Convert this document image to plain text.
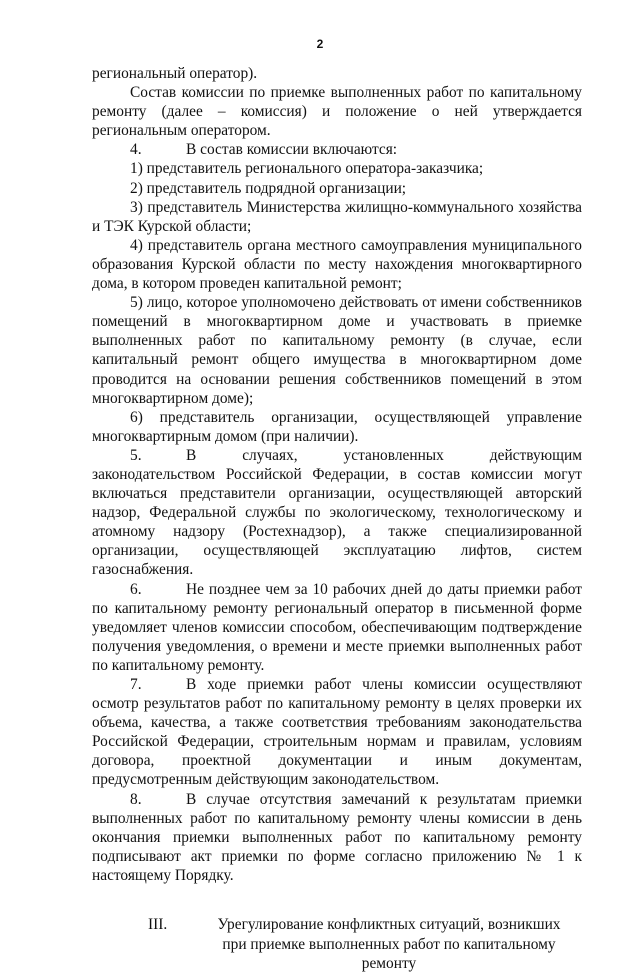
2

региональный оператор).

Состав комиссии по приемке выполненных работ по капитальному ремонту (далее – комиссия) и положение о ней утверждается региональным оператором.

4.	В состав комиссии включаются:

1) представитель регионального оператора-заказчика;

2) представитель подрядной организации;

3) представитель Министерства жилищно-коммунального хозяйства и ТЭК Курской области;

4) представитель органа местного самоуправления муниципального образования Курской области по месту нахождения многоквартирного дома, в котором проведен капитальной ремонт;

5) лицо, которое уполномочено действовать от имени собственников помещений в многоквартирном доме и участвовать в приемке выполненных работ по капитальному ремонту (в случае, если капитальный ремонт общего имущества в многоквартирном доме проводится на основании решения собственников помещений в этом многоквартирном доме);

6) представитель организации, осуществляющей управление многоквартирным домом (при наличии).

5.	В случаях, установленных действующим законодательством Российской Федерации, в состав комиссии могут включаться представители организации, осуществляющей авторский надзор, Федеральной службы по экологическому, технологическому и атомному надзору (Ростехнадзор), а также специализированной организации, осуществляющей эксплуатацию лифтов, систем газоснабжения.

6.	Не позднее чем за 10 рабочих дней до даты приемки работ по капитальному ремонту региональный оператор в письменной форме уведомляет членов комиссии способом, обеспечивающим подтверждение получения уведомления, о времени и месте приемки выполненных работ по капитальному ремонту.

7.	В ходе приемки работ члены комиссии осуществляют осмотр результатов работ по капитальному ремонту в целях проверки их объема, качества, а также соответствия требованиям законодательства Российской Федерации, строительным нормам и правилам, условиям договора, проектной документации и иным документам, предусмотренным действующим законодательством.

8.	В случае отсутствия замечаний к результатам приемки выполненных работ по капитальному ремонту члены комиссии в день окончания приемки выполненных работ по капитальному ремонту подписывают акт приемки по форме согласно приложению № 1 к настоящему Порядку.

III.	Урегулирование конфликтных ситуаций, возникших при приемке выполненных работ по капитальному ремонту
